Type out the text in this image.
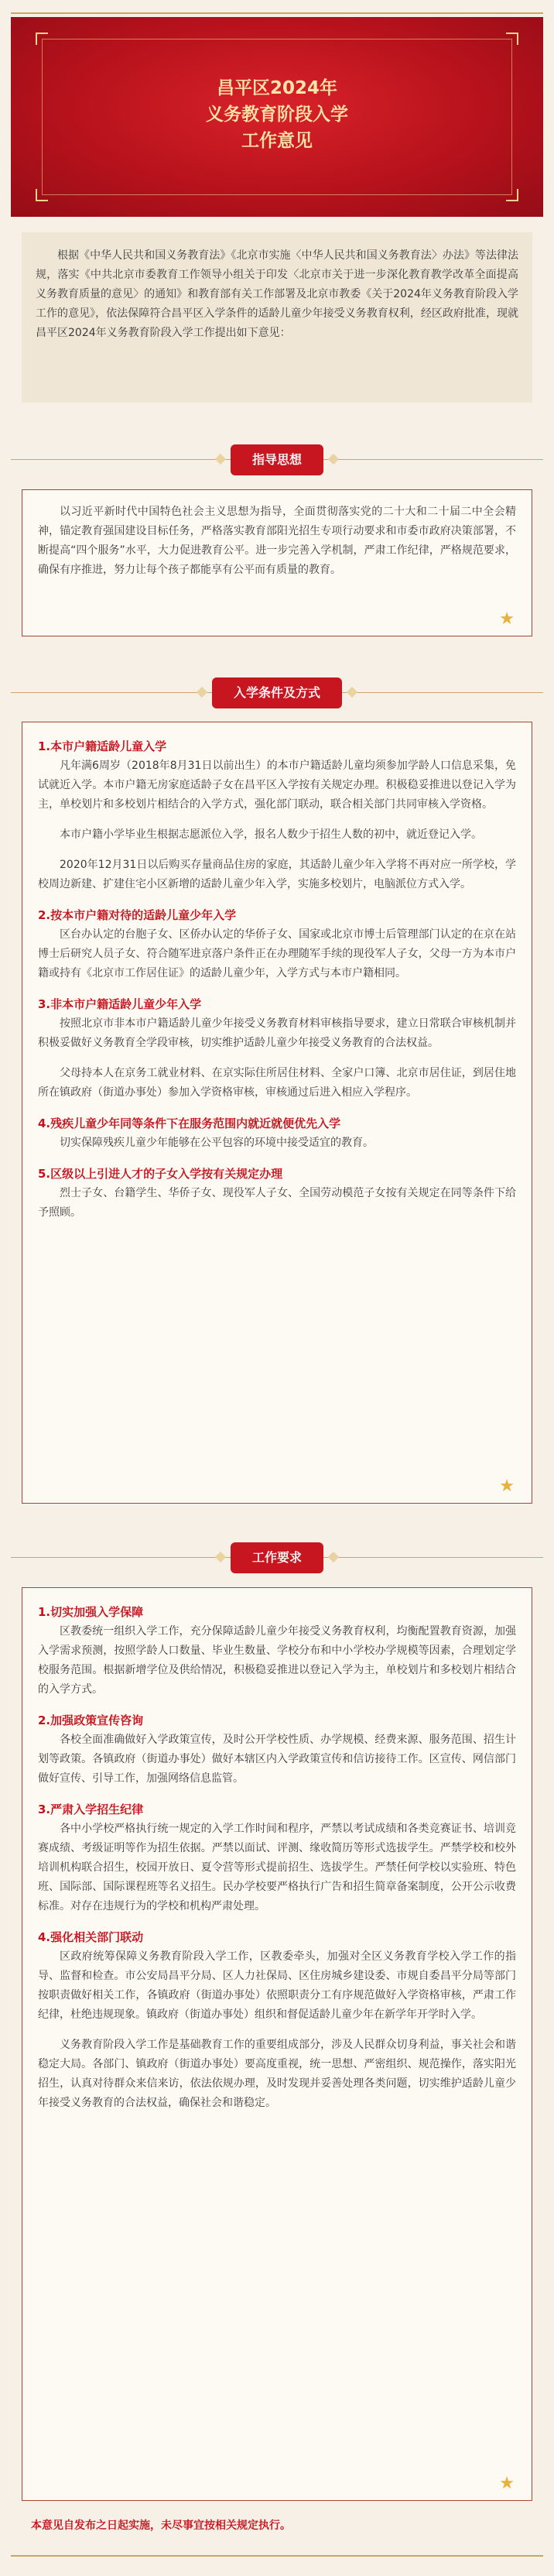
昌平区2024年
义务教育阶段入学
工作意见

根据《中华人民共和国义务教育法》《北京市实施〈中华人民共和国义务教育法〉办法》等法律法规，落实《中共北京市委教育工作领导小组关于印发〈北京市关于进一步深化教育教学改革全面提高义务教育质量的意见〉的通知》和教育部有关工作部署及北京市教委《关于2024年义务教育阶段入学工作的意见》，依法保障符合昌平区入学条件的适龄儿童少年接受义务教育权利，经区政府批准，现就昌平区2024年义务教育阶段入学工作提出如下意见：

指导思想

以习近平新时代中国特色社会主义思想为指导，全面贯彻落实党的二十大和二十届二中全会精神，锚定教育强国建设目标任务，严格落实教育部阳光招生专项行动要求和市委市政府决策部署，不断提高“四个服务”水平，大力促进教育公平。进一步完善入学机制，严肃工作纪律，严格规范要求，确保有序推进，努力让每个孩子都能享有公平而有质量的教育。

★
入学条件及方式
1.本市户籍适龄儿童入学

凡年满6周岁（2018年8月31日以前出生）的本市户籍适龄儿童均须参加学龄人口信息采集，免试就近入学。本市户籍无房家庭适龄子女在昌平区入学按有关规定办理。积极稳妥推进以登记入学为主，单校划片和多校划片相结合的入学方式，强化部门联动，联合相关部门共同审核入学资格。

本市户籍小学毕业生根据志愿派位入学，报名人数少于招生人数的初中，就近登记入学。

2020年12月31日以后购买存量商品住房的家庭，其适龄儿童少年入学将不再对应一所学校，学校周边新建、扩建住宅小区新增的适龄儿童少年入学，实施多校划片，电脑派位方式入学。

2.按本市户籍对待的适龄儿童少年入学

区台办认定的台胞子女、区侨办认定的华侨子女、国家或北京市博士后管理部门认定的在京在站博士后研究人员子女、符合随军进京落户条件正在办理随军手续的现役军人子女，父母一方为本市户籍或持有《北京市工作居住证》的适龄儿童少年，入学方式与本市户籍相同。

3.非本市户籍适龄儿童少年入学

按照北京市非本市户籍适龄儿童少年接受义务教育材料审核指导要求，建立日常联合审核机制并积极妥做好义务教育全学段审核，切实维护适龄儿童少年接受义务教育的合法权益。

父母持本人在京务工就业材料、在京实际住所居住材料、全家户口簿、北京市居住证，到居住地所在镇政府（街道办事处）参加入学资格审核，审核通过后进入相应入学程序。

4.残疾儿童少年同等条件下在服务范围内就近就便优先入学

切实保障残疾儿童少年能够在公平包容的环境中接受适宜的教育。

5.区级以上引进人才的子女入学按有关规定办理

烈士子女、台籍学生、华侨子女、现役军人子女、全国劳动模范子女按有关规定在同等条件下给予照顾。

★
工作要求
1.切实加强入学保障

区教委统一组织入学工作，充分保障适龄儿童少年接受义务教育权利，均衡配置教育资源，加强入学需求预测，按照学龄人口数量、毕业生数量、学校分布和中小学校办学规模等因素，合理划定学校服务范围。根据新增学位及供给情况，积极稳妥推进以登记入学为主，单校划片和多校划片相结合的入学方式。

2.加强政策宣传咨询

各校全面准确做好入学政策宣传，及时公开学校性质、办学规模、经费来源、服务范围、招生计划等政策。各镇政府（街道办事处）做好本辖区内入学政策宣传和信访接待工作。区宣传、网信部门做好宣传、引导工作，加强网络信息监管。

3.严肃入学招生纪律

各中小学校严格执行统一规定的入学工作时间和程序，严禁以考试成绩和各类竞赛证书、培训竞赛成绩、考级证明等作为招生依据。严禁以面试、评测、缘收简历等形式选拔学生。严禁学校和校外培训机构联合招生，校园开放日、夏令营等形式提前招生、选拔学生。严禁任何学校以实验班、特色班、国际部、国际课程班等名义招生。民办学校要严格执行广告和招生简章备案制度，公开公示收费标准。对存在违规行为的学校和机构严肃处理。

4.强化相关部门联动

区政府统筹保障义务教育阶段入学工作，区教委牵头，加强对全区义务教育学校入学工作的指导、监督和检查。市公安局昌平分局、区人力社保局、区住房城乡建设委、市规自委昌平分局等部门按职责做好相关工作，各镇政府（街道办事处）依照职责分工有序规范做好入学资格审核，严肃工作纪律，杜绝违规现象。镇政府（街道办事处）组织和督促适龄儿童少年在新学年开学时入学。

义务教育阶段入学工作是基础教育工作的重要组成部分，涉及人民群众切身利益，事关社会和谐稳定大局。各部门、镇政府（街道办事处）要高度重视，统一思想、严密组织、规范操作，落实阳光招生，认真对待群众来信来访，依法依规办理，及时发现并妥善处理各类问题，切实维护适龄儿童少年接受义务教育的合法权益，确保社会和谐稳定。

★
本意见自发布之日起实施，未尽事宜按相关规定执行。
